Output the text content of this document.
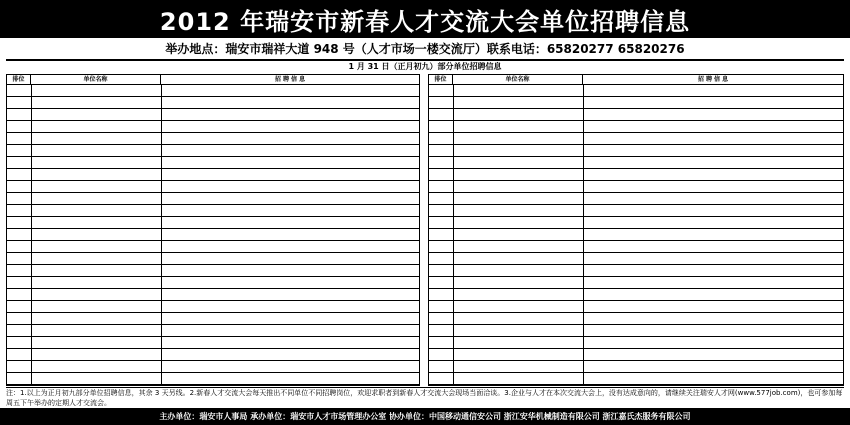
2012 年瑞安市新春人才交流大会单位招聘信息
举办地点：瑞安市瑞祥大道 948 号（人才市场一楼交流厅）联系电话：65820277 65820276
1 月 31 日（正月初九）部分单位招聘信息
排位	单位名称	招 聘 信 息	排位	单位名称	招 聘 信 息
注：1.以上为正月初九部分单位招聘信息，其余 3 天另线。2.新春人才交流大会每天推出不同单位不同招聘岗位，欢迎求职者到新春人才交流大会现场当面洽谈。3.企业与人才在本次交流大会上，没有达成意向的，请继续关注瑞安人才网(www.577job.com)，也可参加每周五下午举办的定期人才交流会。
主办单位：瑞安市人事局 承办单位：瑞安市人才市场管理办公室 协办单位：中国移动通信安公司 浙江安华机械制造有限公司 浙江嘉氏杰服务有限公司
